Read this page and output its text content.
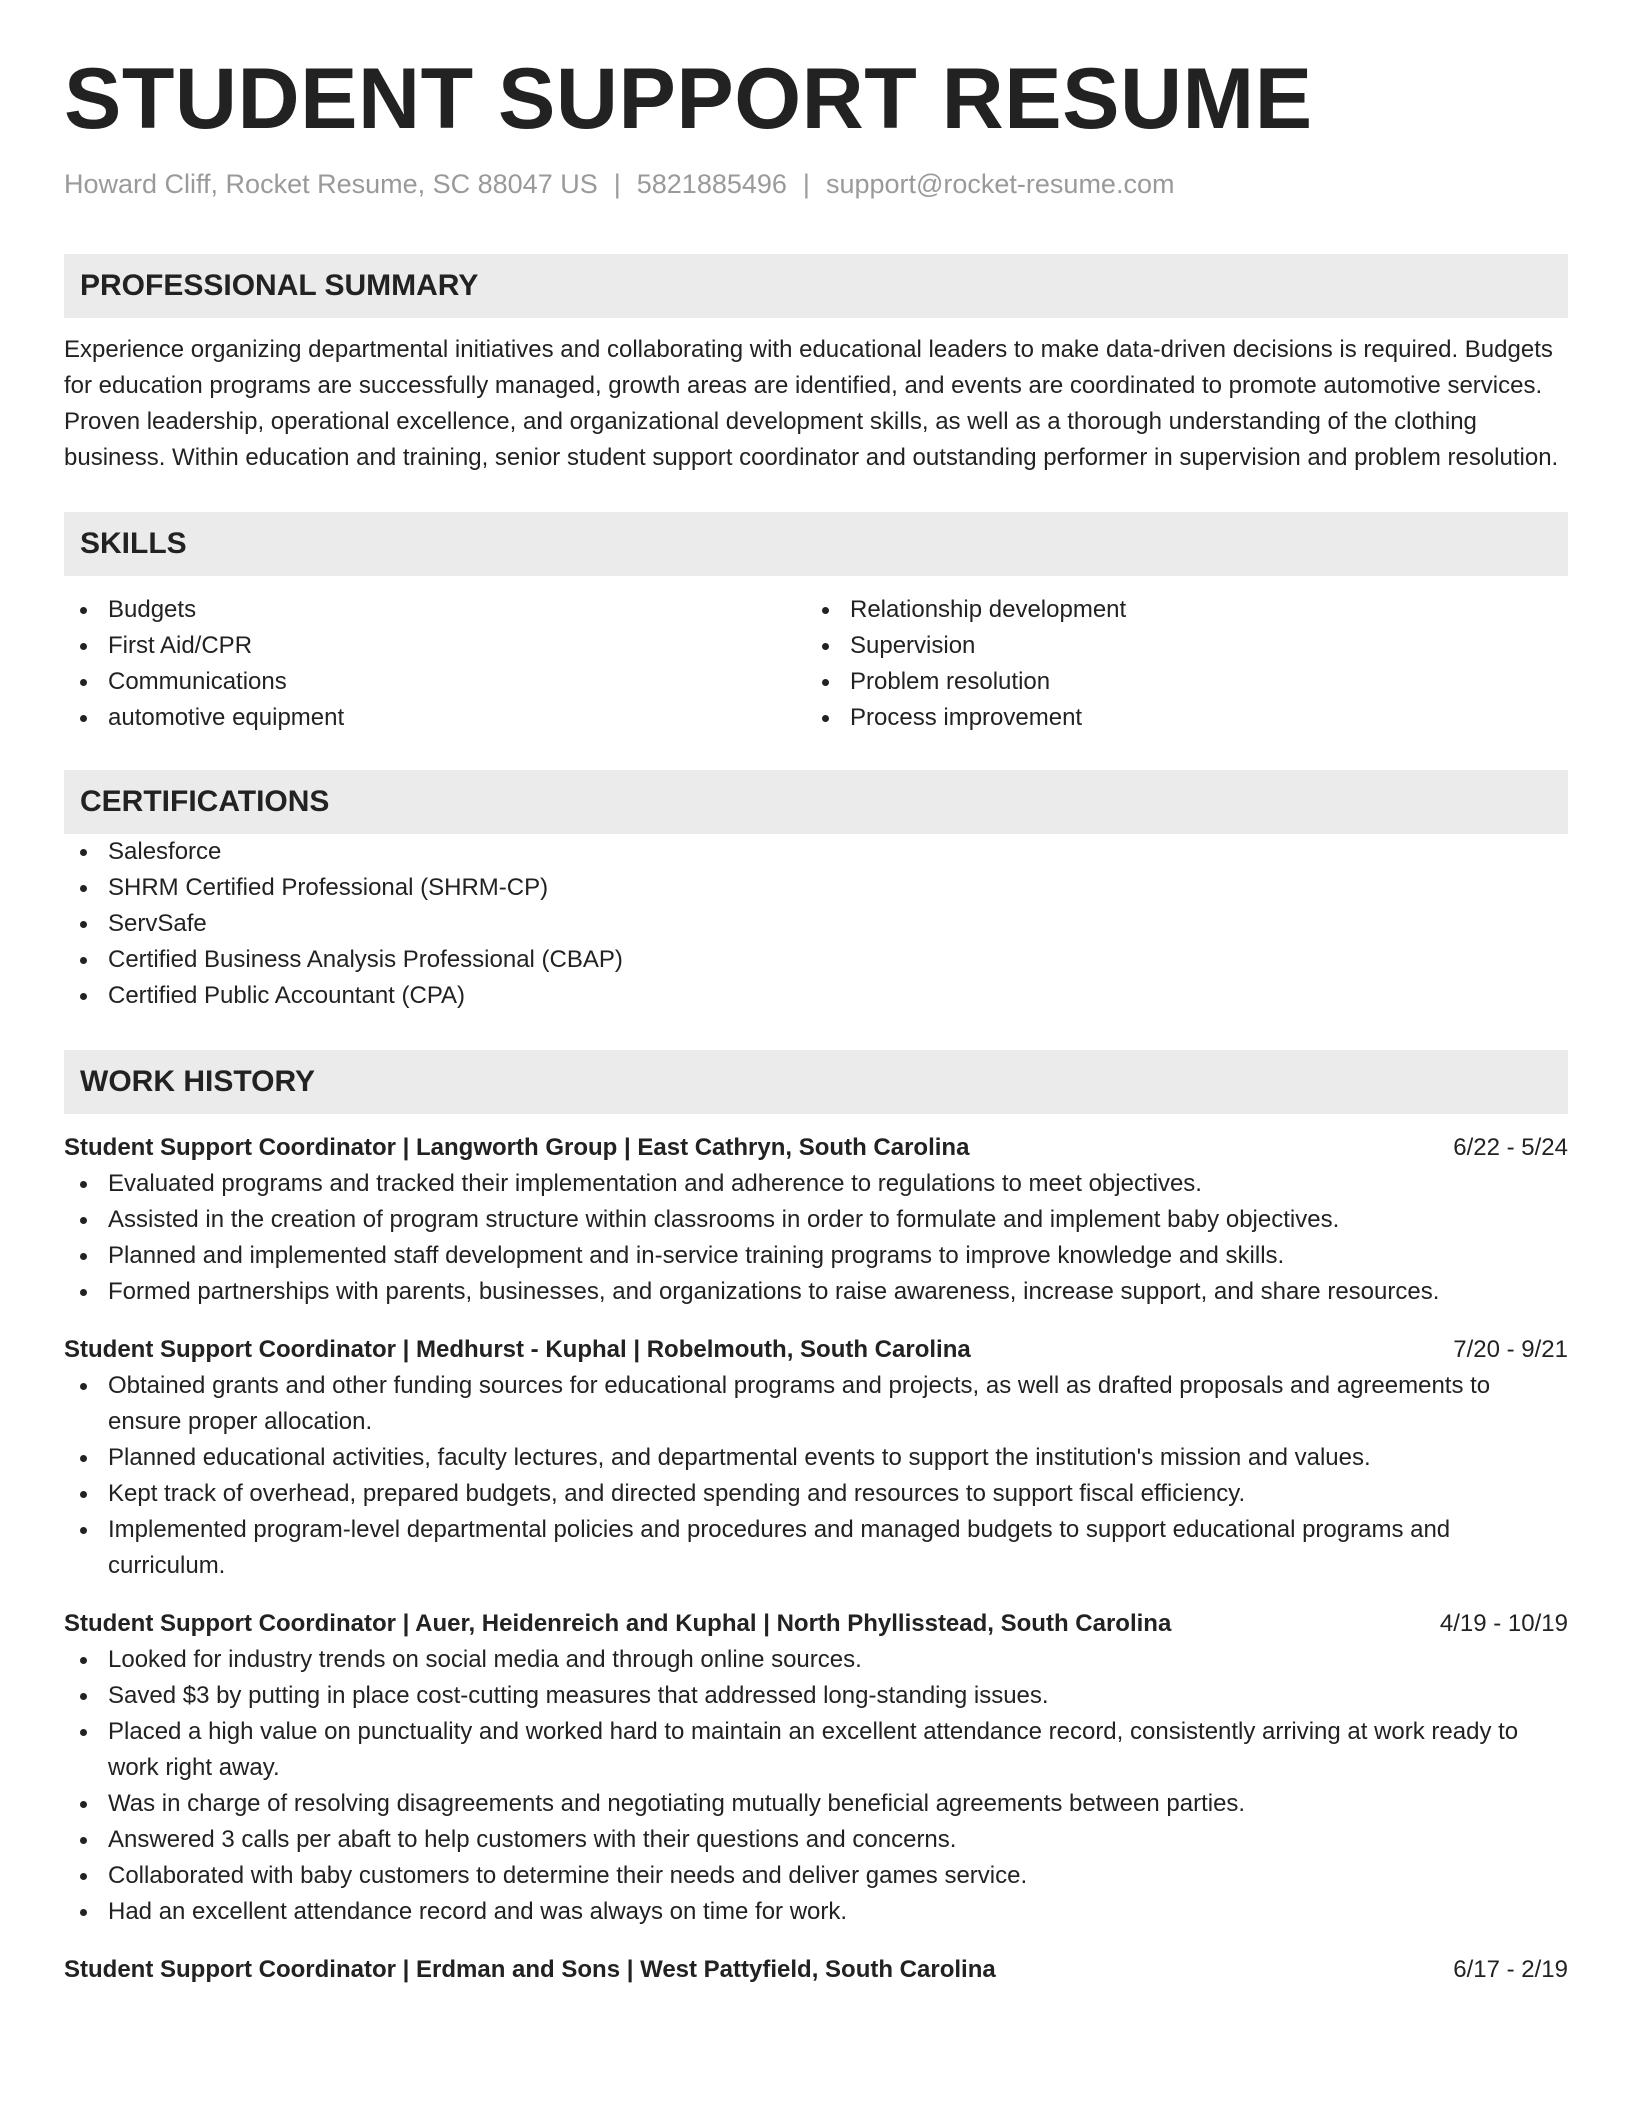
STUDENT SUPPORT RESUME
Howard Cliff, Rocket Resume, SC 88047 US | 5821885496 | support@rocket-resume.com
PROFESSIONAL SUMMARY

Experience organizing departmental initiatives and collaborating with educational leaders to make data-driven decisions is required. Budgets for education programs are successfully managed, growth areas are identified, and events are coordinated to promote automotive services. Proven leadership, operational excellence, and organizational development skills, as well as a thorough understanding of the clothing business. Within education and training, senior student support coordinator and outstanding performer in supervision and problem resolution.

SKILLS
Budgets
First Aid/CPR
Communications
automotive equipment
Relationship development
Supervision
Problem resolution
Process improvement
CERTIFICATIONS
Salesforce
SHRM Certified Professional (SHRM-CP)
ServSafe
Certified Business Analysis Professional (CBAP)
Certified Public Accountant (CPA)
WORK HISTORY
Student Support Coordinator | Langworth Group | East Cathryn, South Carolina	6/22 - 5/24
Evaluated programs and tracked their implementation and adherence to regulations to meet objectives.
Assisted in the creation of program structure within classrooms in order to formulate and implement baby objectives.
Planned and implemented staff development and in-service training programs to improve knowledge and skills.
Formed partnerships with parents, businesses, and organizations to raise awareness, increase support, and share resources.
Student Support Coordinator | Medhurst - Kuphal | Robelmouth, South Carolina	7/20 - 9/21
Obtained grants and other funding sources for educational programs and projects, as well as drafted proposals and agreements to ensure proper allocation.
Planned educational activities, faculty lectures, and departmental events to support the institution's mission and values.
Kept track of overhead, prepared budgets, and directed spending and resources to support fiscal efficiency.
Implemented program-level departmental policies and procedures and managed budgets to support educational programs and curriculum.
Student Support Coordinator | Auer, Heidenreich and Kuphal | North Phyllisstead, South Carolina	4/19 - 10/19
Looked for industry trends on social media and through online sources.
Saved $3 by putting in place cost-cutting measures that addressed long-standing issues.
Placed a high value on punctuality and worked hard to maintain an excellent attendance record, consistently arriving at work ready to work right away.
Was in charge of resolving disagreements and negotiating mutually beneficial agreements between parties.
Answered 3 calls per abaft to help customers with their questions and concerns.
Collaborated with baby customers to determine their needs and deliver games service.
Had an excellent attendance record and was always on time for work.
Student Support Coordinator | Erdman and Sons | West Pattyfield, South Carolina	6/17 - 2/19
